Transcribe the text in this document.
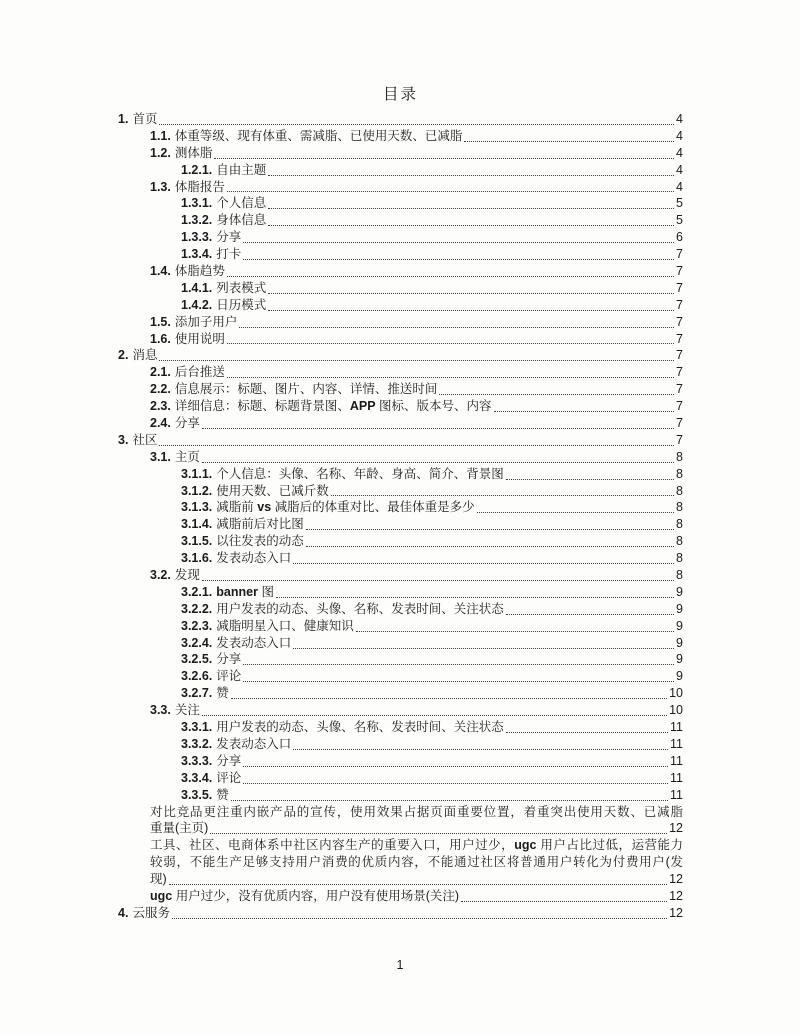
目录
1. 首页	4
1.1. 体重等级、现有体重、需减脂、已使用天数、已减脂	4
1.2. 测体脂	4
1.2.1. 自由主题	4
1.3. 体脂报告	4
1.3.1. 个人信息	5
1.3.2. 身体信息	5
1.3.3. 分享	6
1.3.4. 打卡	7
1.4. 体脂趋势	7
1.4.1. 列表模式	7
1.4.2. 日历模式	7
1.5. 添加子用户	7
1.6. 使用说明	7
2. 消息	7
2.1. 后台推送	7
2.2. 信息展示：标题、图片、内容、详情、推送时间	7
2.3. 详细信息：标题、标题背景图、APP 图标、版本号、内容	7
2.4. 分享	7
3. 社区	7
3.1. 主页	8
3.1.1. 个人信息：头像、名称、年龄、身高、简介、背景图	8
3.1.2. 使用天数、已减斤数	8
3.1.3. 减脂前 vs 减脂后的体重对比、最佳体重是多少	8
3.1.4. 减脂前后对比图	8
3.1.5. 以往发表的动态	8
3.1.6. 发表动态入口	8
3.2. 发现	8
3.2.1. banner 图	9
3.2.2. 用户发表的动态、头像、名称、发表时间、关注状态	9
3.2.3. 减脂明星入口、健康知识	9
3.2.4. 发表动态入口	9
3.2.5. 分享	9
3.2.6. 评论	9
3.2.7. 赞	10
3.3. 关注	10
3.3.1. 用户发表的动态、头像、名称、发表时间、关注状态	11
3.3.2. 发表动态入口	11
3.3.3. 分享	11
3.3.4. 评论	11
3.3.5. 赞	11
对比竞品更注重内嵌产品的宣传，使用效果占据页面重要位置，着重突出使用天数、已减脂
重量(主页)	12
工具、社区、电商体系中社区内容生产的重要入口，用户过少，ugc 用户占比过低，运营能力
较弱，不能生产足够支持用户消费的优质内容，不能通过社区将普通用户转化为付费用户(发
现)	12
ugc 用户过少，没有优质内容，用户没有使用场景(关注)	12
4. 云服务	12
1
